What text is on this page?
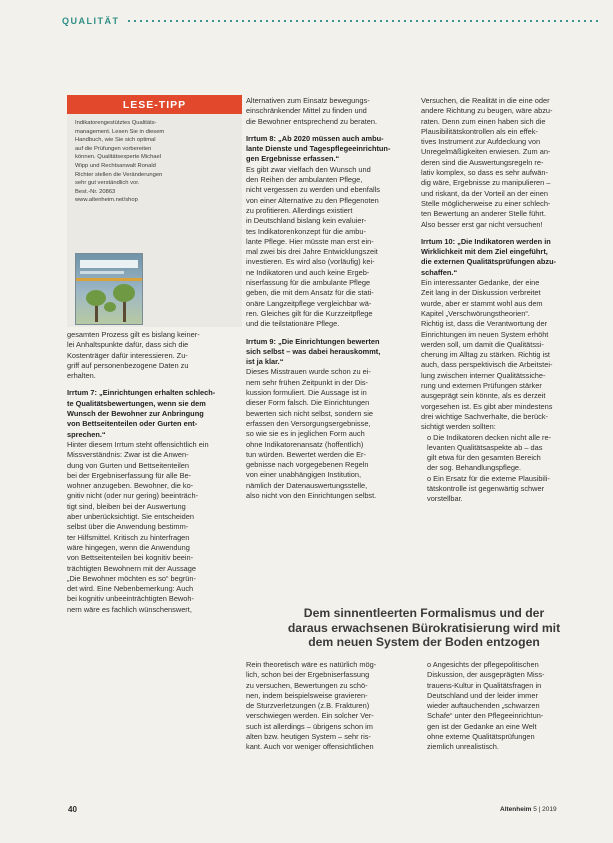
QUALITÄT
LESE-TIPP

Indikatorengestütztes Qualitäts-

management. Lesen Sie in diesem

Handbuch, wie Sie sich optimal

auf die Prüfungen vorbereiten

können. Qualitätsexperte Michael

Wipp und Rechtsanwalt Ronald

Richter stellen die Veränderungen

sehr gut verständlich vor.

Best.-Nr. 20863

www.altenheim.net/shop

gesamten Prozess gilt es bislang keiner-

lei Anhaltspunkte dafür, dass sich die

Kostenträger dafür interessieren. Zu-

griff auf personenbezogene Daten zu

erhalten.

Irrtum 7: „Einrichtungen erhalten schlech-

te Qualitätsbewertungen, wenn sie dem

Wunsch der Bewohner zur Anbringung

von Bettseitenteilen oder Gurten ent-

sprechen.“

Hinter diesem Irrtum steht offensichtlich ein

Missverständnis: Zwar ist die Anwen-

dung von Gurten und Bettseitenteilen

bei der Ergebniserfassung für alle Be-

wohner anzugeben. Bewohner, die ko-

gnitiv nicht (oder nur gering) beeinträch-

tigt sind, bleiben bei der Auswertung

aber unberücksichtigt. Sie entscheiden

selbst über die Anwendung bestimm-

ter Hilfsmittel. Kritisch zu hinterfragen

wäre hingegen, wenn die Anwendung

von Bettseitenteilen bei kognitiv beein-

trächtigten Bewohnern mit der Aussage

„Die Bewohner möchten es so“ begrün-

det wird. Eine Nebenbemerkung: Auch

bei kognitiv unbeeinträchtigten Bewoh-

nern wäre es fachlich wünschenswert,

Alternativen zum Einsatz bewegungs-

einschränkender Mittel zu finden und

die Bewohner entsprechend zu beraten.

Irrtum 8: „Ab 2020 müssen auch ambu-

lante Dienste und Tagespflegeeinrichtun-

gen Ergebnisse erfassen.“

Es gibt zwar vielfach den Wunsch und

den Reihen der ambulanten Pflege,

nicht vergessen zu werden und ebenfalls

von einer Alternative zu den Pflegenoten

zu profitieren. Allerdings existiert

in Deutschland bislang kein evaluier-

tes Indikatorenkonzept für die ambu-

lante Pflege. Hier müsste man erst ein-

mal zwei bis drei Jahre Entwicklungszeit

investieren. Es wird also (vorläufig) kei-

ne Indikatoren und auch keine Ergeb-

niserfassung für die ambulante Pflege

geben, die mit dem Ansatz für die stati-

onäre Langzeitpflege vergleichbar wä-

ren. Gleiches gilt für die Kurzzeitpflege

und die teilstationäre Pflege.

Irrtum 9: „Die Einrichtungen bewerten

sich selbst – was dabei herauskommt,

ist ja klar.“

Dieses Misstrauen wurde schon zu ei-

nem sehr frühen Zeitpunkt in der Dis-

kussion formuliert. Die Aussage ist in

dieser Form falsch. Die Einrichtungen

bewerten sich nicht selbst, sondern sie

erfassen den Versorgungsergebnisse,

so wie sie es in jeglichen Form auch

ohne Indikatorenansatz (hoffentlich)

tun würden. Bewertet werden die Er-

gebnisse nach vorgegebenen Regeln

von einer unabhängigen Institution,

nämlich der Datenauswertungsstelle,

also nicht von den Einrichtungen selbst.

Versuchen, die Realität in die eine oder

andere Richtung zu beugen, wäre abzu-

raten. Denn zum einen haben sich die

Plausibilitätskontrollen als ein effek-

tives Instrument zur Aufdeckung von

Unregelmäßigkeiten erwiesen. Zum an-

deren sind die Auswertungsregeln re-

lativ komplex, so dass es sehr aufwän-

dig wäre, Ergebnisse zu manipulieren –

und riskant, da der Vorteil an der einen

Stelle möglicherweise zu einer schlech-

ten Bewertung an anderer Stelle führt.

Also besser erst gar nicht versuchen!

Irrtum 10: „Die Indikatoren werden in

Wirklichkeit mit dem Ziel eingeführt,

die externen Qualitätsprüfungen abzu-

schaffen.“

Ein interessanter Gedanke, der eine

Zeit lang in der Diskussion verbreitet

wurde, aber er stammt wohl aus dem

Kapitel „Verschwörungstheorien“.

Richtig ist, dass die Verantwortung der

Einrichtungen im neuen System erhöht

werden soll, um damit die Qualitätssi-

cherung im Alltag zu stärken. Richtig ist

auch, dass perspektivisch die Arbeitstei-

lung zwischen interner Qualitätssiche-

rung und externen Prüfungen stärker

ausgeprägt sein könnte, als es derzeit

vorgesehen ist. Es gibt aber mindestens

drei wichtige Sachverhalte, die berück-

sichtigt werden sollten:

o Die Indikatoren decken nicht alle re-

levanten Qualitätsaspekte ab – das

gilt etwa für den gesamten Bereich

der sog. Behandlungspflege.

o Ein Ersatz für die externe Plausibili-

tätskontrolle ist gegenwärtig schwer

vorstellbar.

Dem sinnentleerten Formalismus und der

daraus erwachsenen Bürokratisierung wird mit

dem neuen System der Boden entzogen

Rein theoretisch wäre es natürlich mög-

lich, schon bei der Ergebniserfassung

zu versuchen, Bewertungen zu schö-

nen, indem beispielsweise gravieren-

de Sturzverletzungen (z.B. Frakturen)

verschwiegen werden. Ein solcher Ver-

such ist allerdings – übrigens schon im

alten bzw. heutigen System – sehr ris-

kant. Auch vor weniger offensichtlichen

o Angesichts der pflegepolitischen

Diskussion, der ausgeprägten Miss-

trauens-Kultur in Qualitätsfragen in

Deutschland und der leider immer

wieder auftauchenden „schwarzen

Schafe“ unter den Pflegeeinrichtun-

gen ist der Gedanke an eine Welt

ohne externe Qualitätsprüfungen

ziemlich unrealistisch.

40	Altenheim 5 | 2019
